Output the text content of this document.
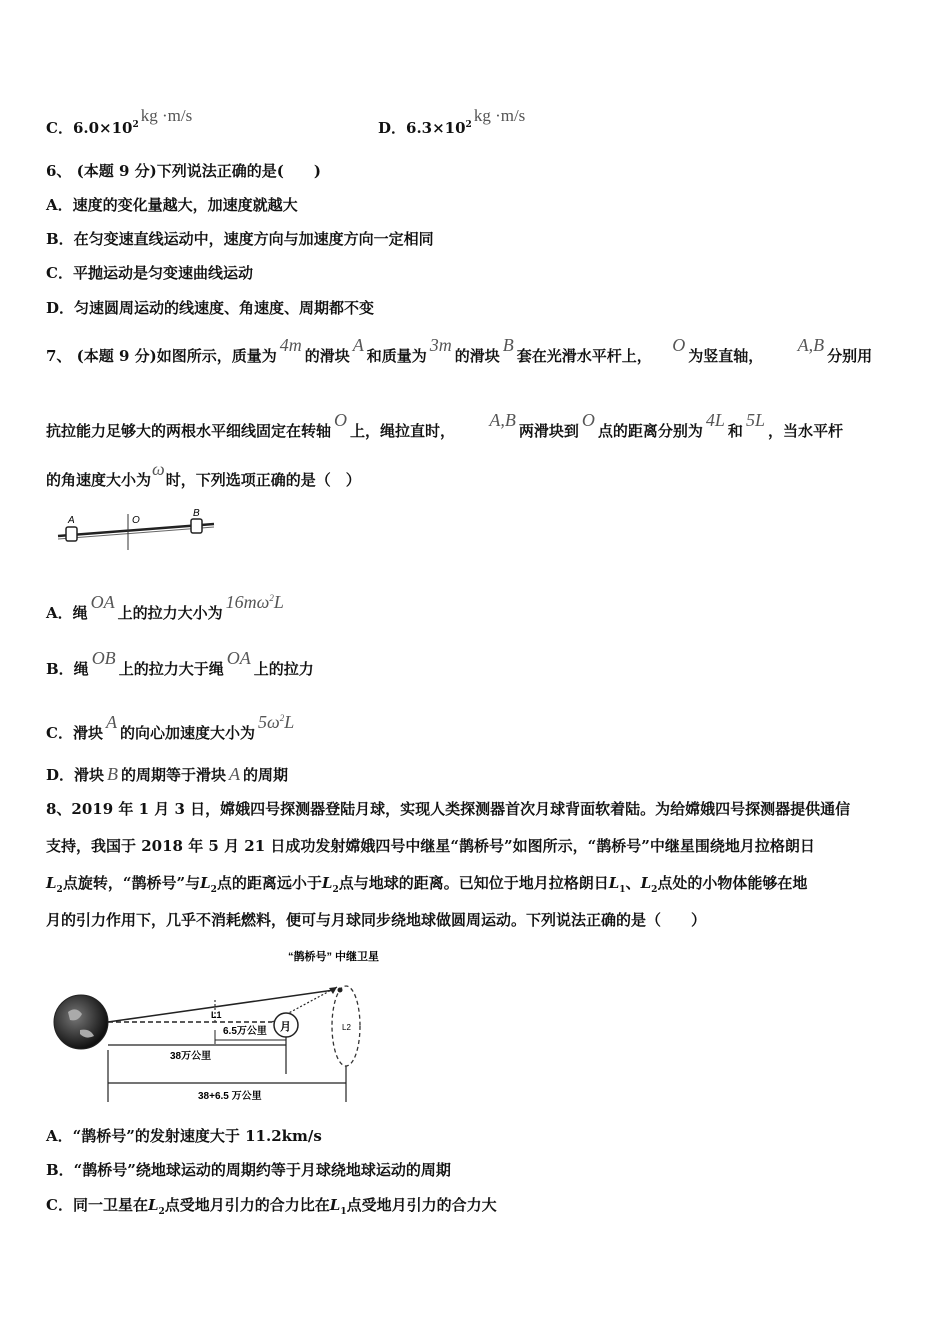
C．$6.0\times 10^2$ kg ·m/s
D．$6.3\times 10^2$ kg ·m/s
6、 (本题 9 分)下列说法正确的是(　　)
A．速度的变化量越大，加速度就越大
B．在匀变速直线运动中，速度方向与加速度方向一定相同
C．平抛运动是匀变速曲线运动
D．匀速圆周运动的线速度、角速度、周期都不变
7、 (本题 9 分)如图所示，质量为4m的滑块A和质量为3m的滑块B套在光滑水平杆上，  O为竖直轴，      A,B分别用
抗拉能力足够大的两根水平细线固定在转轴O上，绳拉直时，      A,B两滑块到O点的距离分别为4L和5L，当水平杆
的角速度大小为ω时，下列选项正确的是（　）
A	O
B
A．绳OA上的拉力大小为$16m\omega^2L$
B．绳OB上的拉力大于绳OA上的拉力
C．滑块A的向心加速度大小为$5\omega^2L$
D．滑块 B 的周期等于滑块 A 的周期
8、2019 年 1 月 3 日，嫦娥四号探测器登陆月球，实现人类探测器首次月球背面软着陆。为给嫦娥四号探测器提供通信
支持，我国于 2018 年 5 月 21 日成功发射嫦娥四号中继星“鹊桥号”如图所示，“鹊桥号”中继星围绕地月拉格朗日
$L_2$点旋转，“鹊桥号”与$L_2$点的距离远小于$L_2$点与地球的距离。已知位于地月拉格朗日$L_1$、$L_2$点处的小物体能够在地
月的引力作用下，几乎不消耗燃料，便可与月球同步绕地球做圆周运动。下列说法正确的是（　　）
“鹊桥号” 中继卫星
L1
月	L2
6.5万公里
38万公里
38+6.5 万公里
A．“鹊桥号”的发射速度大于 11.2km/s
B．“鹊桥号”绕地球运动的周期约等于月球绕地球运动的周期
C．同一卫星在$L_2$点受地月引力的合力比在$L_1$点受地月引力的合力大
